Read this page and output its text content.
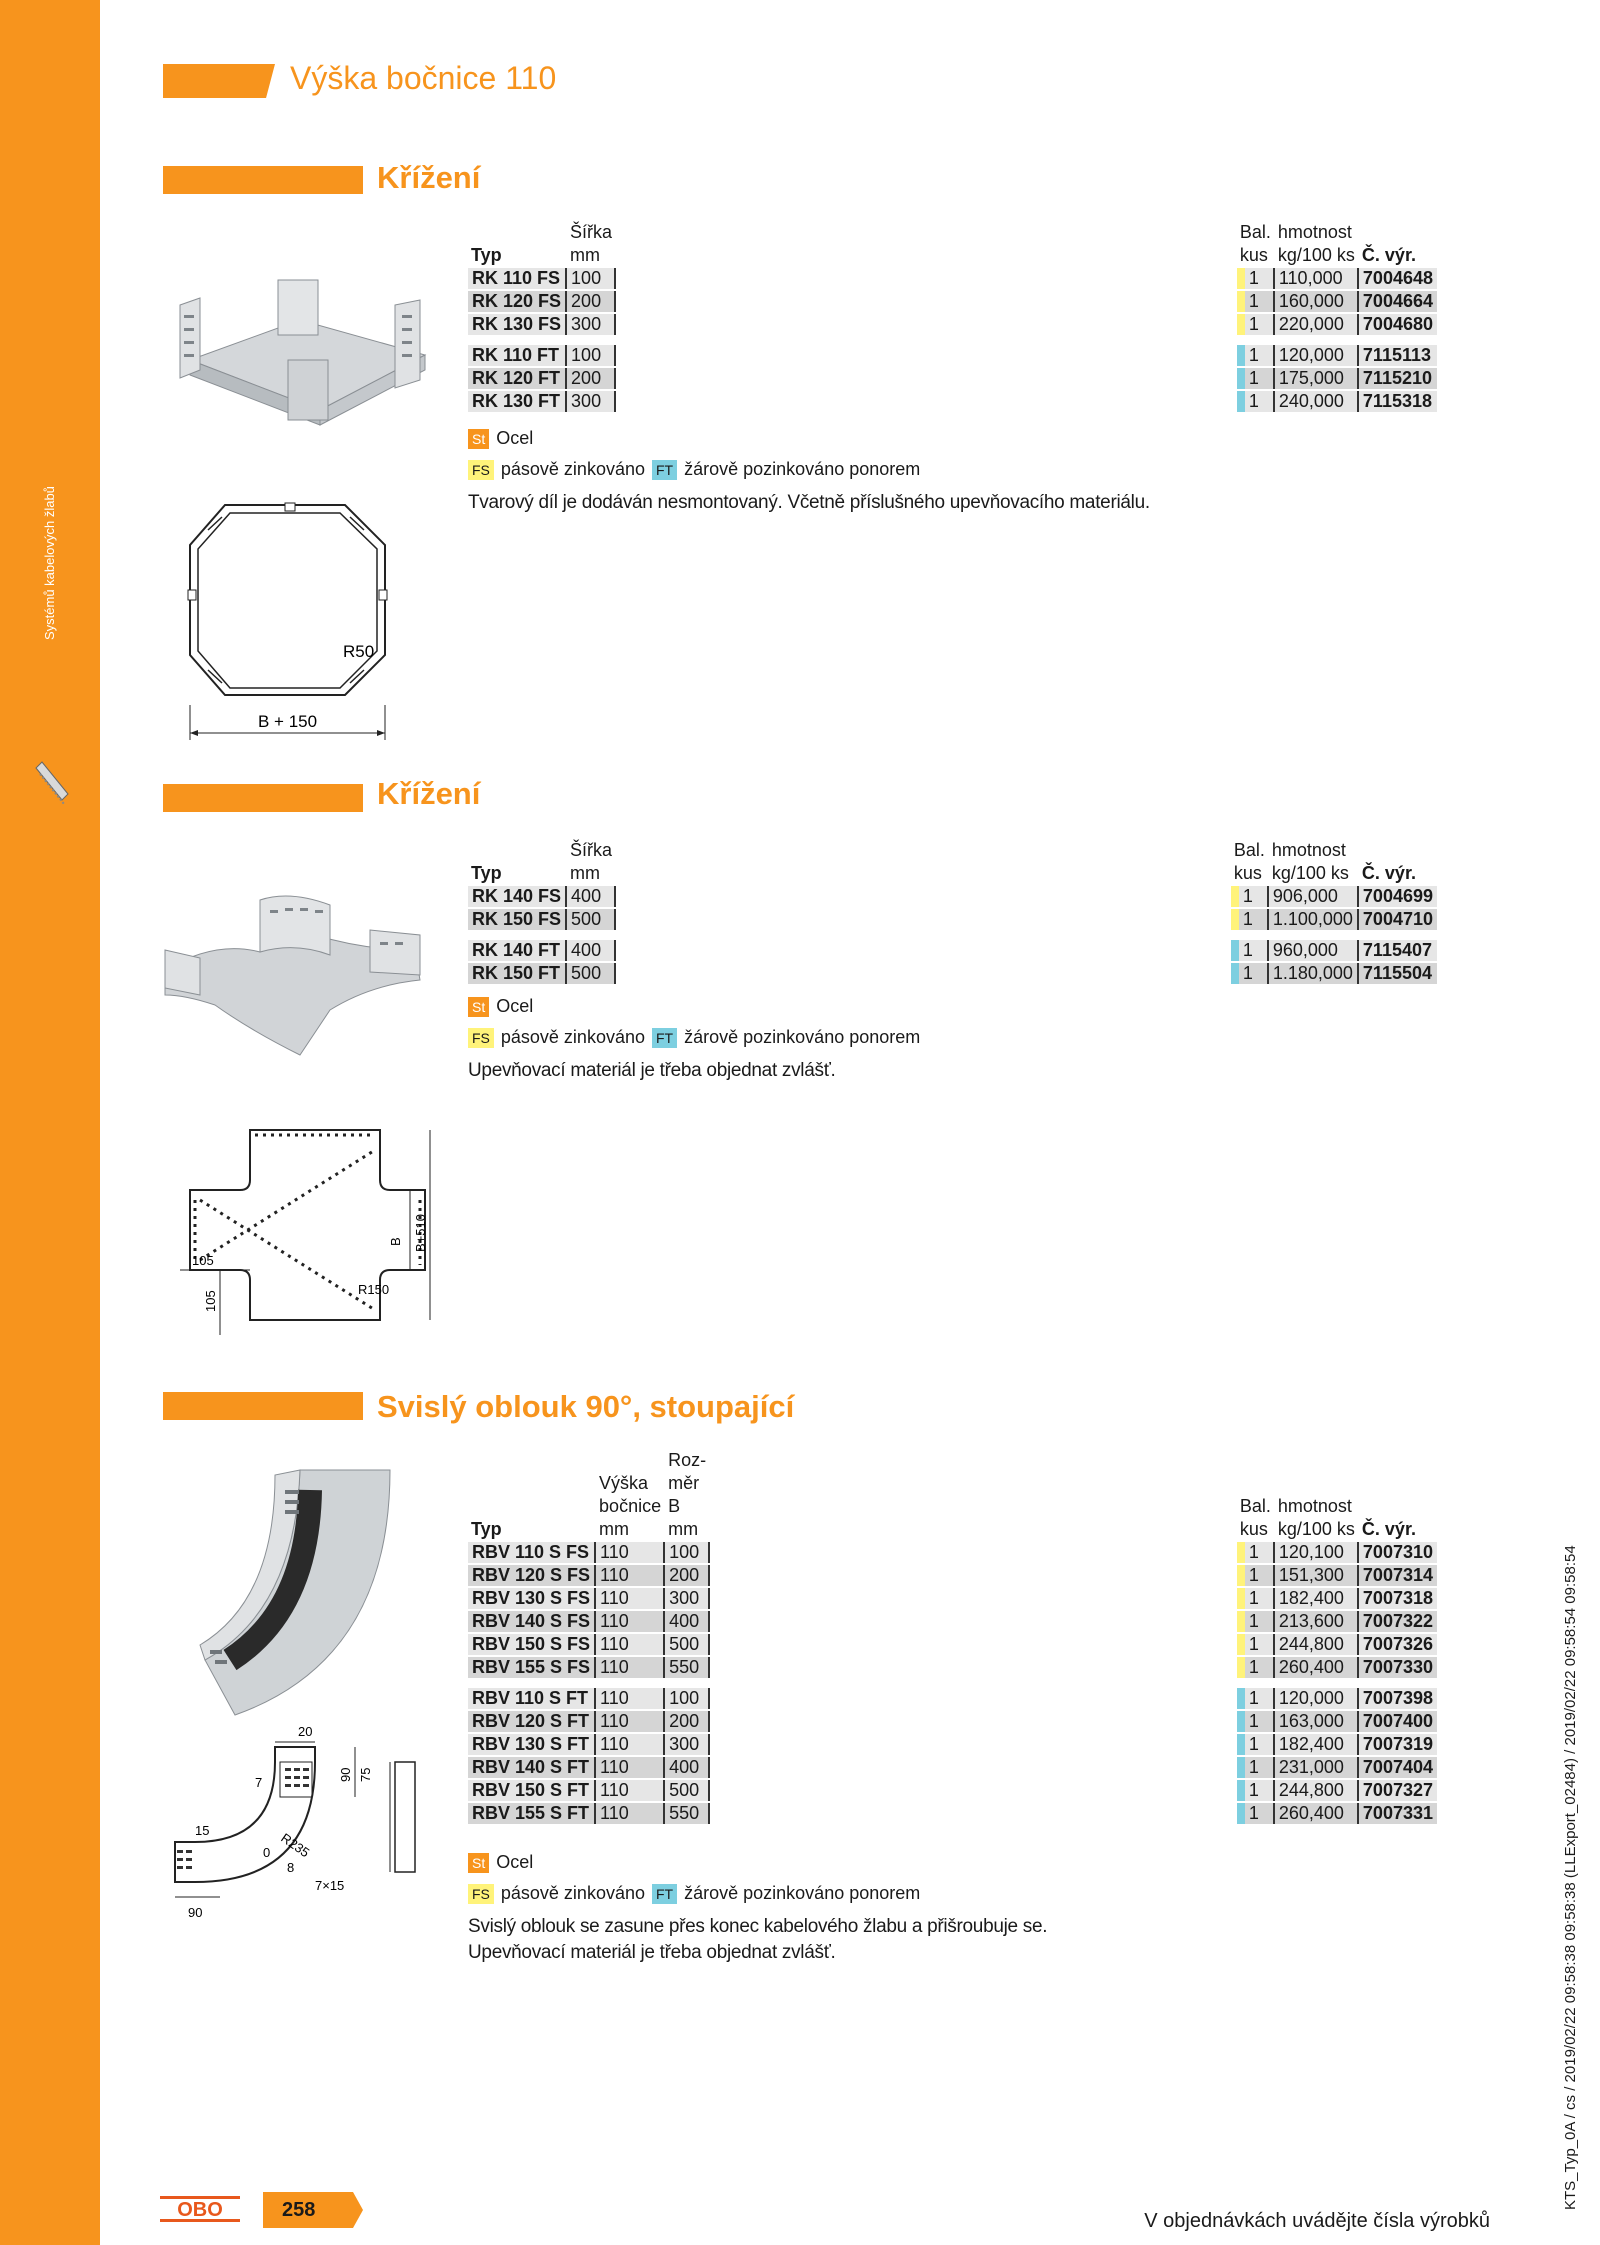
Systémů kabelových žlabů
Výška bočnice 110
Křížení
R50
B + 150
	Šířka		Bal.	hmotnost	
Typ	mm		kus	kg/100 ks	Č. výr.
RK 110 FS	100		1	110,000	7004648
RK 120 FS	200		1	160,000	7004664
RK 130 FS	300		1	220,000	7004680

RK 110 FT	100		1	120,000	7115113
RK 120 FT	200		1	175,000	7115210
RK 130 FT	300		1	240,000	7115318
St Ocel
FS pásově zinkováno FT žárově pozinkováno ponorem
Tvarový díl je dodáván nesmontovaný. Včetně příslušného upevňovacího materiálu.
Křížení
B B+510
105
105
R150
	Šířka		Bal.	hmotnost	
Typ	mm		kus	kg/100 ks	Č. výr.
RK 140 FS	400		1	906,000	7004699
RK 150 FS	500		1	1.100,000	7004710

RK 140 FT	400		1	960,000	7115407
RK 150 FT	500		1	1.180,000	7115504
St Ocel
FS pásově zinkováno FT žárově pozinkováno ponorem
Upevňovací materiál je třeba objednat zvlášť.
Svislý oblouk 90°, stoupající
20
7
90 75
15	R235
0
8
7×15
90
		Roz-				
	Výška	měr				
	bočnice	B		Bal.	hmotnost	
Typ	mm	mm		kus	kg/100 ks	Č. výr.
RBV 110 S FS	110	100		1	120,100	7007310
RBV 120 S FS	110	200		1	151,300	7007314
RBV 130 S FS	110	300		1	182,400	7007318
RBV 140 S FS	110	400		1	213,600	7007322
RBV 150 S FS	110	500		1	244,800	7007326
RBV 155 S FS	110	550		1	260,400	7007330

RBV 110 S FT	110	100		1	120,000	7007398
RBV 120 S FT	110	200		1	163,000	7007400
RBV 130 S FT	110	300		1	182,400	7007319
RBV 140 S FT	110	400		1	231,000	7007404
RBV 150 S FT	110	500		1	244,800	7007327
RBV 155 S FT	110	550		1	260,400	7007331
St Ocel
FS pásově zinkováno FT žárově pozinkováno ponorem
Svislý oblouk se zasune přes konec kabelového žlabu a přišroubuje se.
Upevňovací materiál je třeba objednat zvlášť.	KTS_Typ_0A / cs / 2019/02/22 09:58:38 09:58:38 (LLExport_02484) / 2019/02/22 09:58:54 09:58:54
OBO	258	V objednávkách uvádějte čísla výrobků
